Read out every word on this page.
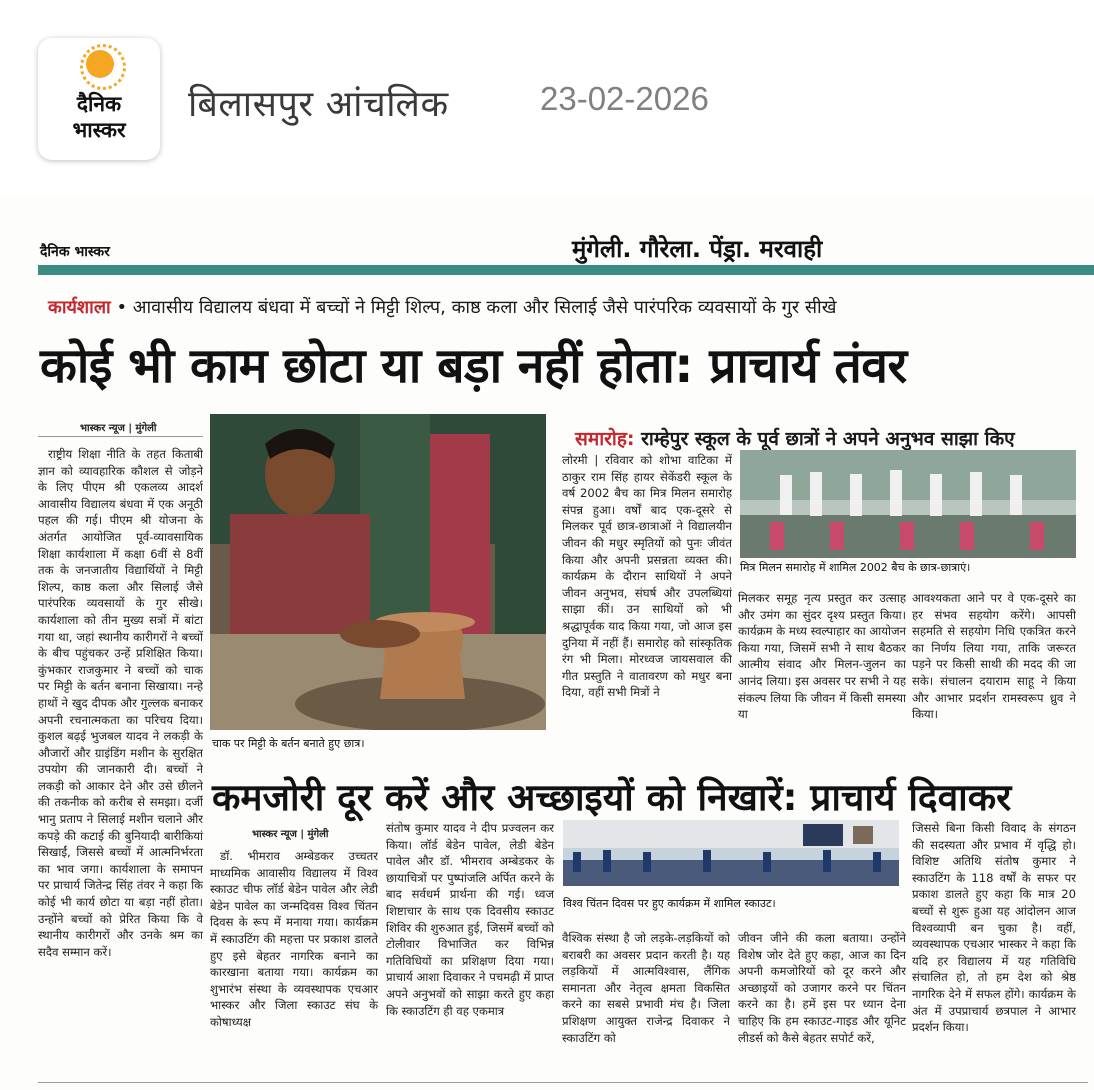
दैनिक
भास्कर
बिलासपुर आंचलिक	23-02-2026
दैनिक भास्कर	मुंगेली. गौरेला. पेंड्रा. मरवाही
कार्यशाला • आवासीय विद्यालय बंधवा में बच्चों ने मिट्टी शिल्प, काष्ठ कला और सिलाई जैसे पारंपरिक व्यवसायों के गुर सीखे
कोई भी काम छोटा या बड़ा नहीं होता: प्राचार्य तंवर
भास्कर न्यूज | मुंगेली

राष्ट्रीय शिक्षा नीति के तहत किताबी ज्ञान को व्यावहारिक कौशल से जोड़ने के लिए पीएम श्री एकलव्य आदर्श आवासीय विद्यालय बंधवा में एक अनूठी पहल की गई। पीएम श्री योजना के अंतर्गत आयोजित पूर्व-व्यावसायिक शिक्षा कार्यशाला में कक्षा 6वीं से 8वीं तक के जनजातीय विद्यार्थियों ने मिट्टी शिल्प, काष्ठ कला और सिलाई जैसे पारंपरिक व्यवसायों के गुर सीखे। कार्यशाला को तीन मुख्य सत्रों में बांटा गया था, जहां स्थानीय कारीगरों ने बच्चों के बीच पहुंचकर उन्हें प्रशिक्षित किया। कुंभकार राजकुमार ने बच्चों को चाक पर मिट्टी के बर्तन बनाना सिखाया। नन्हे हाथों ने खुद दीपक और गुल्लक बनाकर अपनी रचनात्मकता का परिचय दिया। कुशल बढ़ई भुजबल यादव ने लकड़ी के औजारों और ग्राइंडिंग मशीन के सुरक्षित उपयोग की जानकारी दी। बच्चों ने लकड़ी को आकार देने और उसे छीलने की तकनीक को करीब से समझा। दर्जी भानु प्रताप ने सिलाई मशीन चलाने और कपड़े की कटाई की बुनियादी बारीकियां सिखाईं, जिससे बच्चों में आत्मनिर्भरता का भाव जगा। कार्यशाला के समापन पर प्राचार्य जितेन्द्र सिंह तंवर ने कहा कि कोई भी कार्य छोटा या बड़ा नहीं होता। उन्होंने बच्चों को प्रेरित किया कि वे स्थानीय कारीगरों और उनके श्रम का सदैव सम्मान करें।

चाक पर मिट्टी के बर्तन बनाते हुए छात्र।
समारोह: राम्हेपुर स्कूल के पूर्व छात्रों ने अपने अनुभव साझा किए

लोरमी | रविवार को शोभा वाटिका में ठाकुर राम सिंह हायर सेकेंडरी स्कूल के वर्ष 2002 बैच का मित्र मिलन समारोह संपन्न हुआ। वर्षों बाद एक-दूसरे से मिलकर पूर्व छात्र-छात्राओं ने विद्यालयीन जीवन की मधुर स्मृतियों को पुनः जीवंत किया और अपनी प्रसन्नता व्यक्त की। कार्यक्रम के दौरान साथियों ने अपने जीवन अनुभव, संघर्ष और उपलब्धियां साझा कीं। उन साथियों को भी श्रद्धापूर्वक याद किया गया, जो आज इस दुनिया में नहीं हैं। समारोह को सांस्कृतिक रंग भी मिला। मोरध्वज जायसवाल की गीत प्रस्तुति ने वातावरण को मधुर बना दिया, वहीं सभी मित्रों ने

मित्र मिलन समारोह में शामिल 2002 बैच के छात्र-छात्राएं।

मिलकर समूह नृत्य प्रस्तुत कर उत्साह और उमंग का सुंदर दृश्य प्रस्तुत किया। कार्यक्रम के मध्य स्वल्पाहार का आयोजन किया गया, जिसमें सभी ने साथ बैठकर आत्मीय संवाद और मिलन-जुलन का आनंद लिया। इस अवसर पर सभी ने यह संकल्प लिया कि जीवन में किसी समस्या या

आवश्यकता आने पर वे एक-दूसरे का हर संभव सहयोग करेंगे। आपसी सहमति से सहयोग निधि एकत्रित करने का निर्णय लिया गया, ताकि जरूरत पड़ने पर किसी साथी की मदद की जा सके। संचालन दयाराम साहू ने किया और आभार प्रदर्शन रामस्वरूप ध्रुव ने किया।

कमजोरी दूर करें और अच्छाइयों को निखारें: प्राचार्य दिवाकर
भास्कर न्यूज | मुंगेली

डॉ. भीमराव अम्बेडकर उच्चतर माध्यमिक आवासीय विद्यालय में विश्व स्काउट चीफ लॉर्ड बेडेन पावेल और लेडी बेडेन पावेल का जन्मदिवस विश्व चिंतन दिवस के रूप में मनाया गया। कार्यक्रम में स्काउटिंग की महत्ता पर प्रकाश डालते हुए इसे बेहतर नागरिक बनाने का कारखाना बताया गया। कार्यक्रम का शुभारंभ संस्था के व्यवस्थापक एचआर भास्कर और जिला स्काउट संघ के कोषाध्यक्ष

संतोष कुमार यादव ने दीप प्रज्वलन कर किया। लॉर्ड बेडेन पावेल, लेडी बेडेन पावेल और डॉ. भीमराव अम्बेडकर के छायाचित्रों पर पुष्पांजलि अर्पित करने के बाद सर्वधर्म प्रार्थना की गई। ध्वज शिष्टाचार के साथ एक दिवसीय स्काउट शिविर की शुरुआत हुई, जिसमें बच्चों को टोलीवार विभाजित कर विभिन्न गतिविधियों का प्रशिक्षण दिया गया। प्राचार्य आशा दिवाकर ने पचमढ़ी में प्राप्त अपने अनुभवों को साझा करते हुए कहा कि स्काउटिंग ही वह एकमात्र

विश्व चिंतन दिवस पर हुए कार्यक्रम में शामिल स्काउट।

वैश्विक संस्था है जो लड़के-लड़कियों को बराबरी का अवसर प्रदान करती है। यह लड़कियों में आत्मविश्वास, लैंगिक समानता और नेतृत्व क्षमता विकसित करने का सबसे प्रभावी मंच है। जिला प्रशिक्षण आयुक्त राजेन्द्र दिवाकर ने स्काउटिंग को

जीवन जीने की कला बताया। उन्होंने विशेष जोर देते हुए कहा, आज का दिन अपनी कमजोरियों को दूर करने और अच्छाइयों को उजागर करने पर चिंतन करने का है। हमें इस पर ध्यान देना चाहिए कि हम स्काउट-गाइड और यूनिट लीडर्स को कैसे बेहतर सपोर्ट करें,

जिससे बिना किसी विवाद के संगठन की सदस्यता और प्रभाव में वृद्धि हो। विशिष्ट अतिथि संतोष कुमार ने स्काउटिंग के 118 वर्षों के सफर पर प्रकाश डालते हुए कहा कि मात्र 20 बच्चों से शुरू हुआ यह आंदोलन आज विश्वव्यापी बन चुका है। वहीं, व्यवस्थापक एचआर भास्कर ने कहा कि यदि हर विद्यालय में यह गतिविधि संचालित हो, तो हम देश को श्रेष्ठ नागरिक देने में सफल होंगे। कार्यक्रम के अंत में उपप्राचार्य छत्रपाल ने आभार प्रदर्शन किया।
